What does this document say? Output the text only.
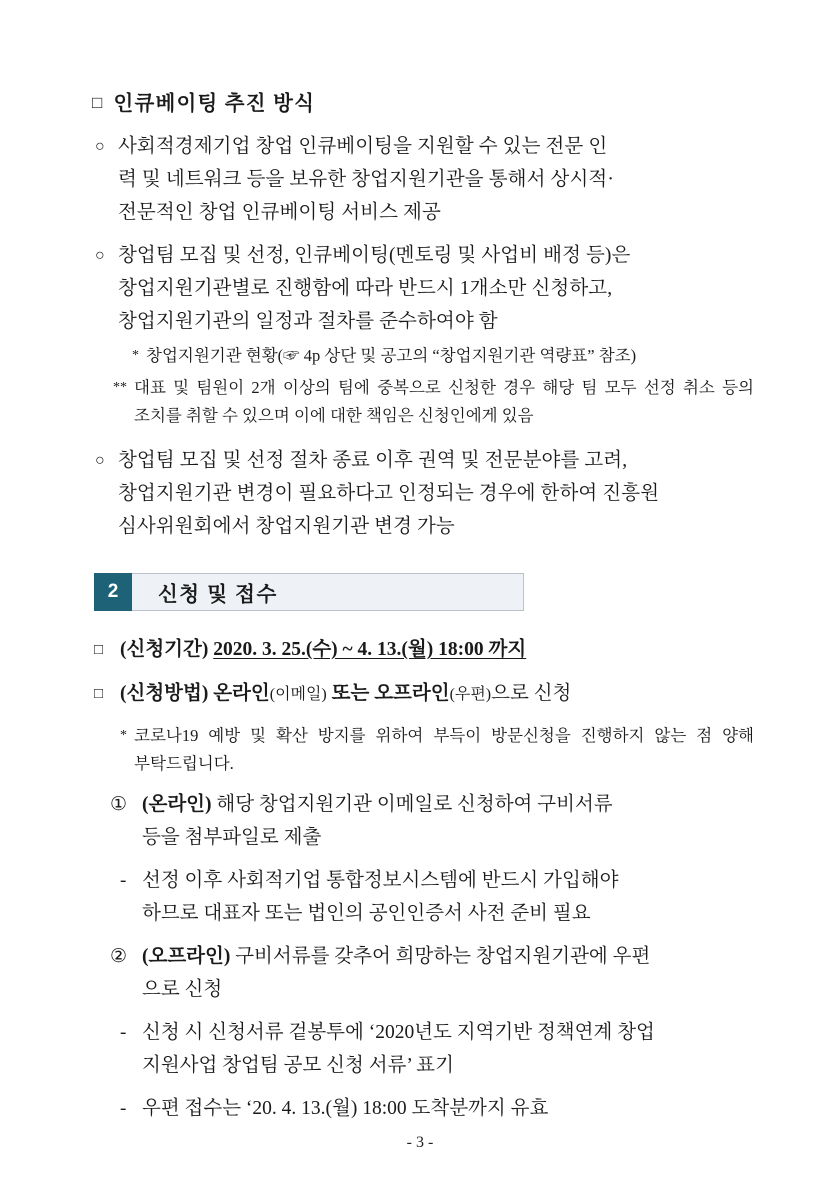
□ 인큐베이팅 추진 방식
○ 사회적경제기업 창업 인큐베이팅을 지원할 수 있는 전문 인
력 및 네트워크 등을 보유한 창업지원기관을 통해서 상시적·
전문적인 창업 인큐베이팅 서비스 제공
○ 창업팀 모집 및 선정, 인큐베이팅(멘토링 및 사업비 배정 등)은
창업지원기관별로 진행함에 따라 반드시 1개소만 신청하고,
창업지원기관의 일정과 절차를 준수하여야 함
* 창업지원기관 현황(☞ 4p 상단 및 공고의 “창업지원기관 역량표” 참조)
** 대표 및 팀원이 2개 이상의 팀에 중복으로 신청한 경우 해당 팀 모두 선정 취소 등의 조치를 취할 수 있으며 이에 대한 책임은 신청인에게 있음
○ 창업팀 모집 및 선정 절차 종료 이후 권역 및 전문분야를 고려,
창업지원기관 변경이 필요하다고 인정되는 경우에 한하여 진흥원
심사위원회에서 창업지원기관 변경 가능
2	신청 및 접수
□ (신청기간) 2020. 3. 25.(수) ~ 4. 13.(월) 18:00 까지
□ (신청방법) 온라인(이메일) 또는 오프라인(우편)으로 신청
* 코로나19 예방 및 확산 방지를 위하여 부득이 방문신청을 진행하지 않는 점 양해 부탁드립니다.
① (온라인) 해당 창업지원기관 이메일로 신청하여 구비서류
등을 첨부파일로 제출
- 선정 이후 사회적기업 통합정보시스템에 반드시 가입해야
하므로 대표자 또는 법인의 공인인증서 사전 준비 필요
② (오프라인) 구비서류를 갖추어 희망하는 창업지원기관에 우편
으로 신청
- 신청 시 신청서류 겉봉투에 ‘2020년도 지역기반 정책연계 창업
지원사업 창업팀 공모 신청 서류’ 표기
- 우편 접수는 ‘20. 4. 13.(월) 18:00 도착분까지 유효
- 3 -
